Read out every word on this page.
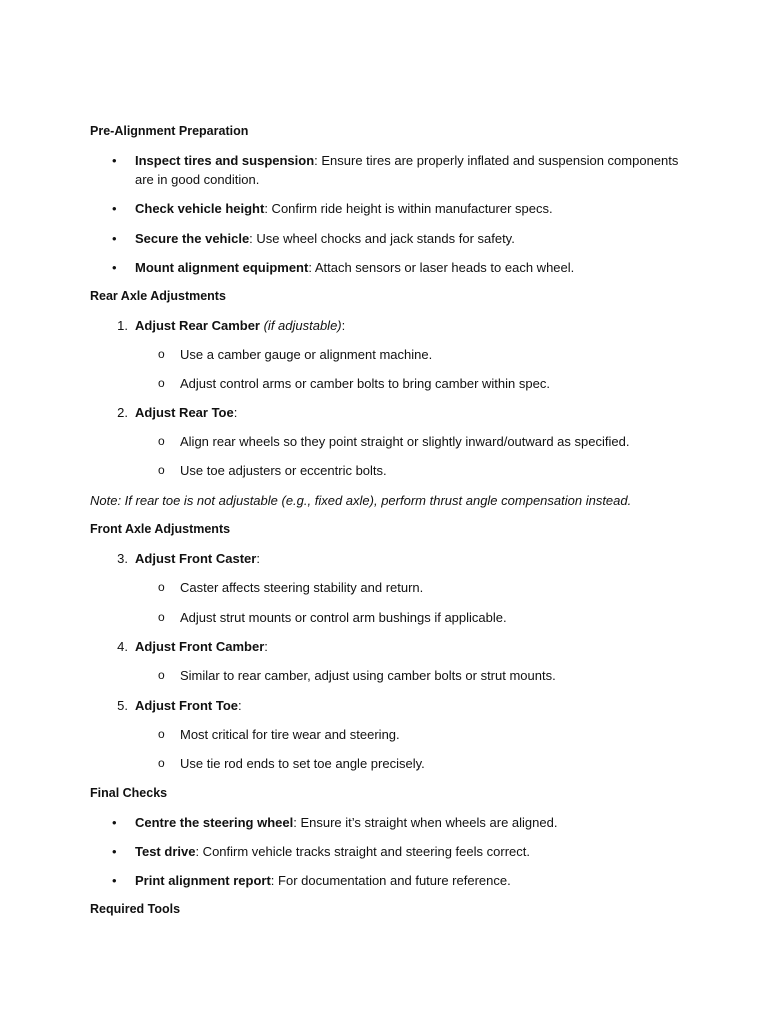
Pre-Alignment Preparation
• Inspect tires and suspension: Ensure tires are properly inflated and suspension components are in good condition.
• Check vehicle height: Confirm ride height is within manufacturer specs.
• Secure the vehicle: Use wheel chocks and jack stands for safety.
• Mount alignment equipment: Attach sensors or laser heads to each wheel.
Rear Axle Adjustments
1. Adjust Rear Camber (if adjustable):
o Use a camber gauge or alignment machine.
o Adjust control arms or camber bolts to bring camber within spec.
2. Adjust Rear Toe:
o Align rear wheels so they point straight or slightly inward/outward as specified.
o Use toe adjusters or eccentric bolts.
Note: If rear toe is not adjustable (e.g., fixed axle), perform thrust angle compensation instead.
Front Axle Adjustments
3. Adjust Front Caster:
o Caster affects steering stability and return.
o Adjust strut mounts or control arm bushings if applicable.
4. Adjust Front Camber:
o Similar to rear camber, adjust using camber bolts or strut mounts.
5. Adjust Front Toe:
o Most critical for tire wear and steering.
o Use tie rod ends to set toe angle precisely.
Final Checks
• Centre the steering wheel: Ensure it’s straight when wheels are aligned.
• Test drive: Confirm vehicle tracks straight and steering feels correct.
• Print alignment report: For documentation and future reference.
Required Tools
